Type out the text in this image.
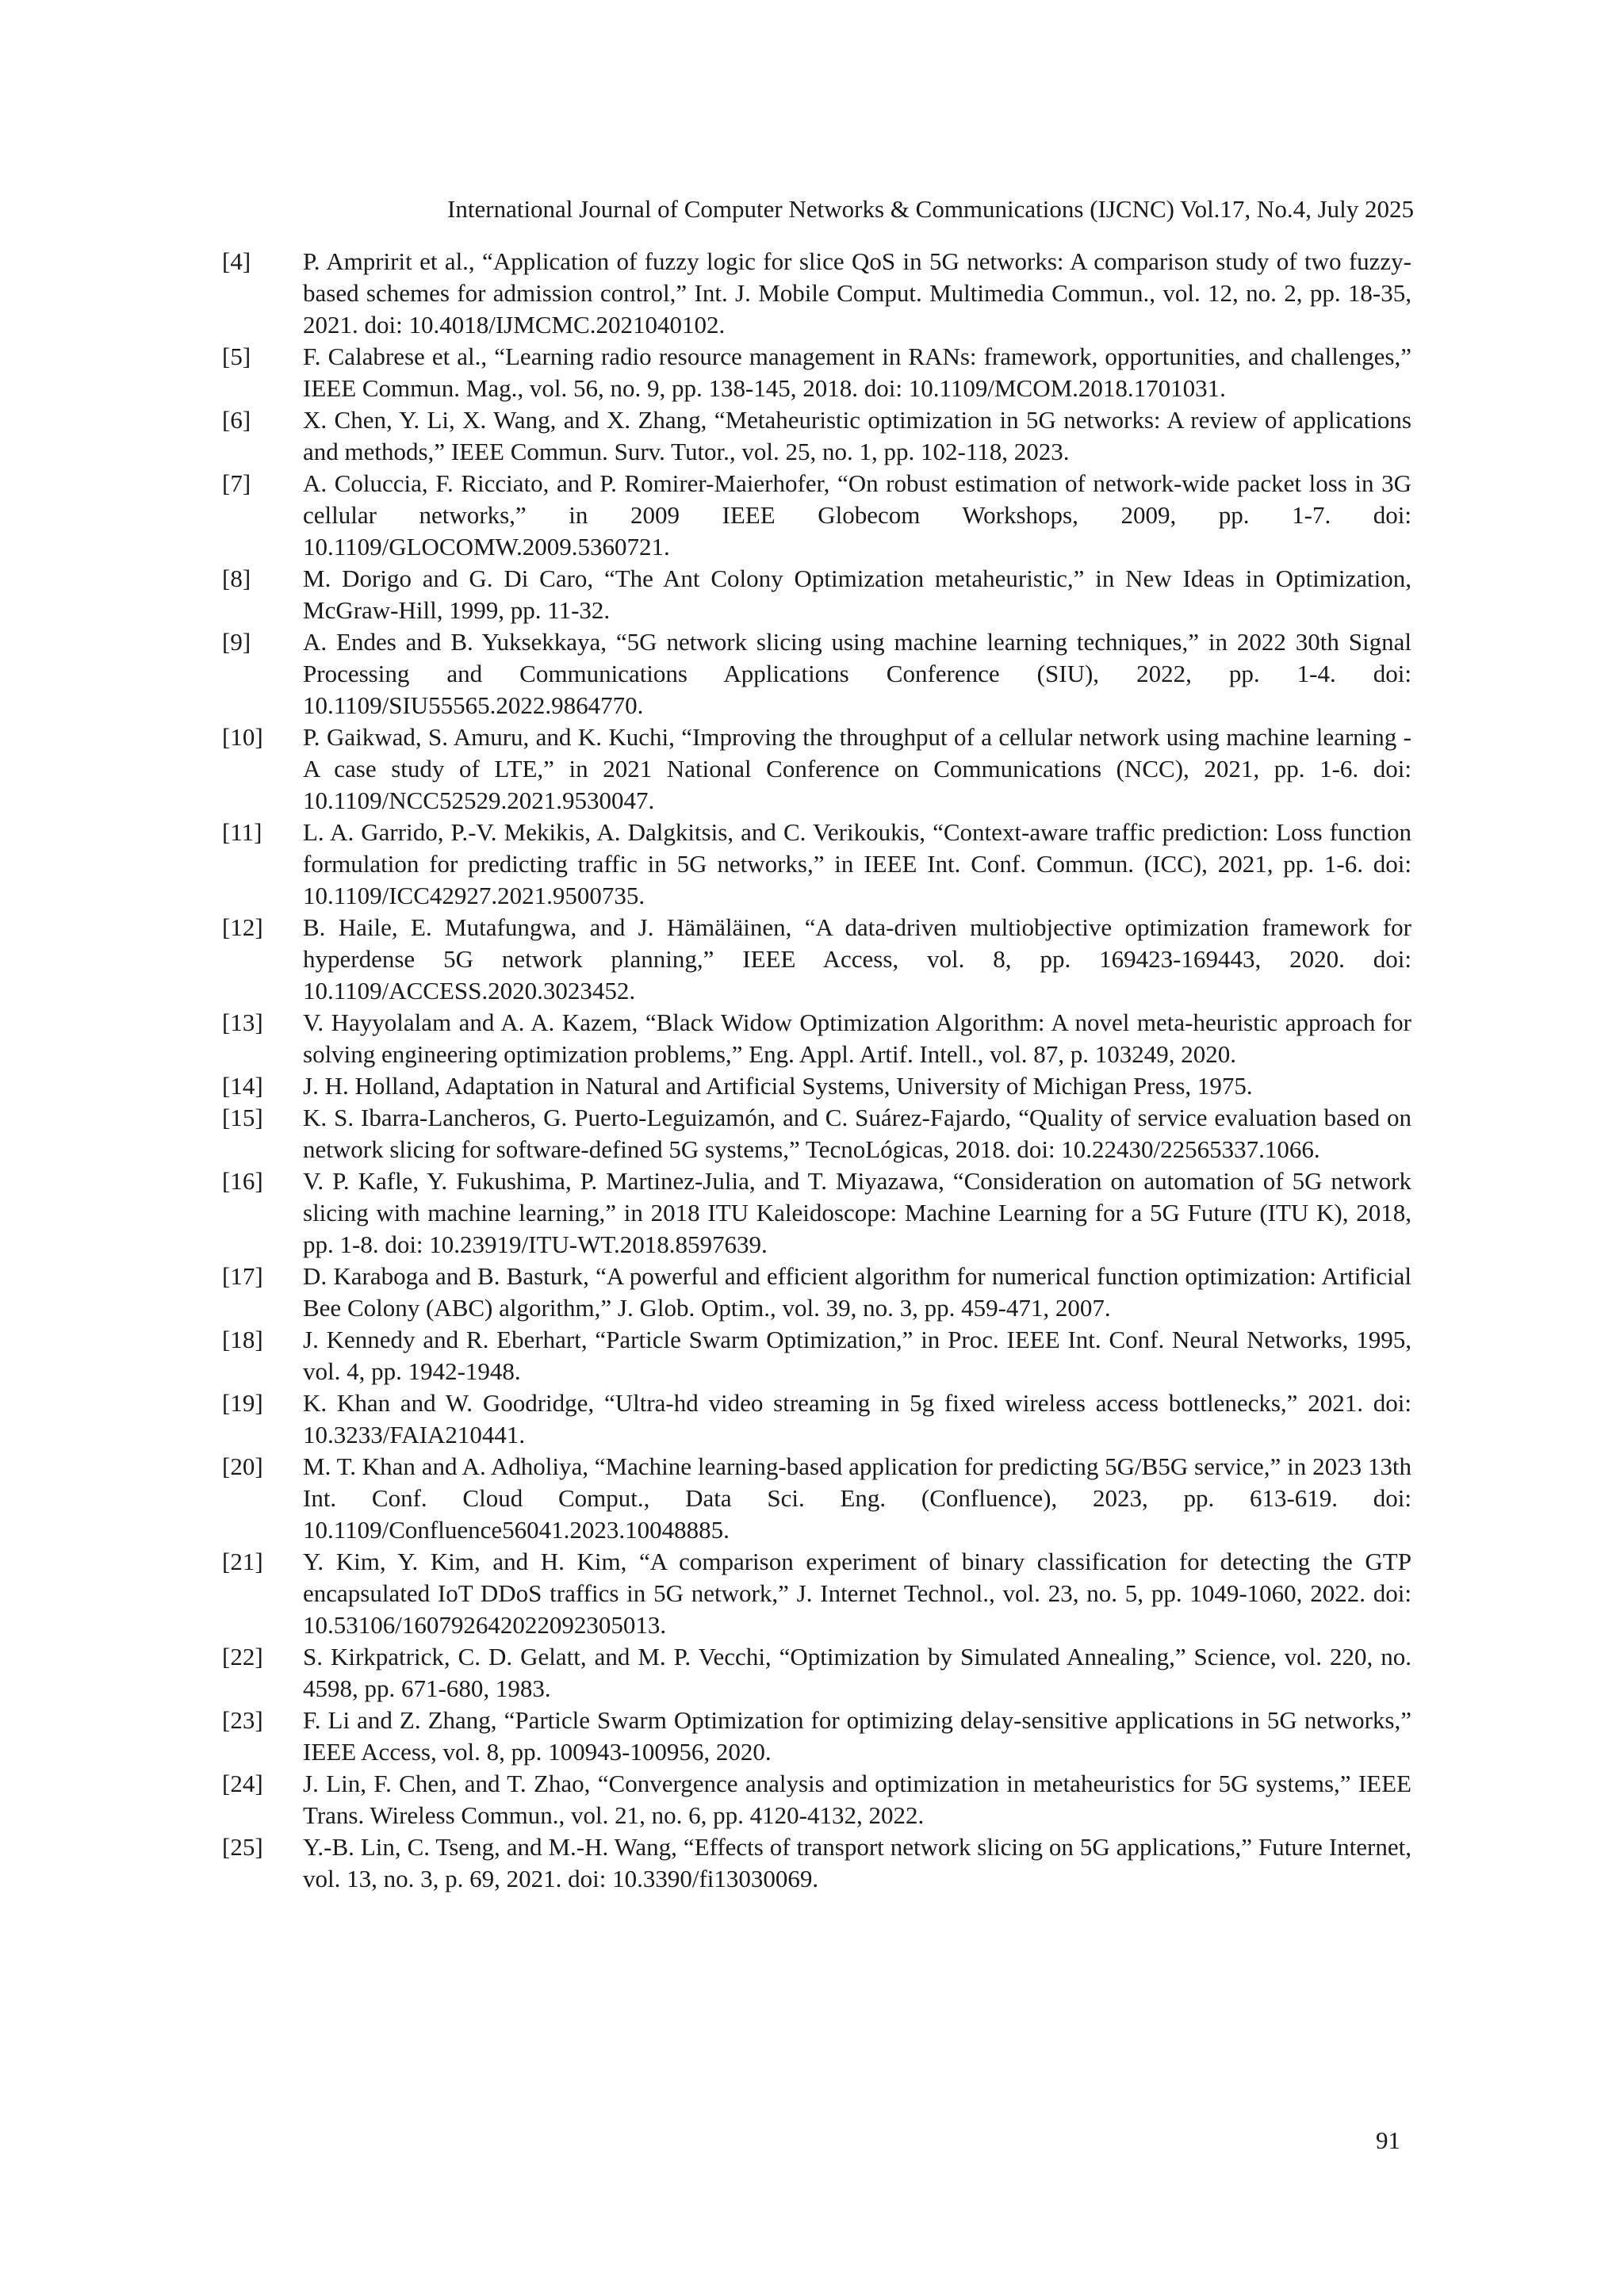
International Journal of Computer Networks & Communications (IJCNC) Vol.17, No.4, July 2025
[4] P. Ampririt et al., “Application of fuzzy logic for slice QoS in 5G networks: A comparison study of two fuzzy-based schemes for admission control,” Int. J. Mobile Comput. Multimedia Commun., vol. 12, no. 2, pp. 18-35, 2021. doi: 10.4018/IJMCMC.2021040102.
[5] F. Calabrese et al., “Learning radio resource management in RANs: framework, opportunities, and challenges,” IEEE Commun. Mag., vol. 56, no. 9, pp. 138-145, 2018. doi: 10.1109/MCOM.2018.1701031.
[6] X. Chen, Y. Li, X. Wang, and X. Zhang, “Metaheuristic optimization in 5G networks: A review of applications and methods,” IEEE Commun. Surv. Tutor., vol. 25, no. 1, pp. 102-118, 2023.
[7] A. Coluccia, F. Ricciato, and P. Romirer-Maierhofer, “On robust estimation of network-wide packet loss in 3G cellular networks,” in 2009 IEEE Globecom Workshops, 2009, pp. 1-7. doi: 10.1109/GLOCOMW.2009.5360721.
[8] M. Dorigo and G. Di Caro, “The Ant Colony Optimization metaheuristic,” in New Ideas in Optimization, McGraw-Hill, 1999, pp. 11-32.
[9] A. Endes and B. Yuksekkaya, “5G network slicing using machine learning techniques,” in 2022 30th Signal Processing and Communications Applications Conference (SIU), 2022, pp. 1-4. doi: 10.1109/SIU55565.2022.9864770.
[10] P. Gaikwad, S. Amuru, and K. Kuchi, “Improving the throughput of a cellular network using machine learning - A case study of LTE,” in 2021 National Conference on Communications (NCC), 2021, pp. 1-6. doi: 10.1109/NCC52529.2021.9530047.
[11] L. A. Garrido, P.-V. Mekikis, A. Dalgkitsis, and C. Verikoukis, “Context-aware traffic prediction: Loss function formulation for predicting traffic in 5G networks,” in IEEE Int. Conf. Commun. (ICC), 2021, pp. 1-6. doi: 10.1109/ICC42927.2021.9500735.
[12] B. Haile, E. Mutafungwa, and J. Hämäläinen, “A data-driven multiobjective optimization framework for hyperdense 5G network planning,” IEEE Access, vol. 8, pp. 169423-169443, 2020. doi: 10.1109/ACCESS.2020.3023452.
[13] V. Hayyolalam and A. A. Kazem, “Black Widow Optimization Algorithm: A novel meta-heuristic approach for solving engineering optimization problems,” Eng. Appl. Artif. Intell., vol. 87, p. 103249, 2020.
[14] J. H. Holland, Adaptation in Natural and Artificial Systems, University of Michigan Press, 1975.
[15] K. S. Ibarra-Lancheros, G. Puerto-Leguizamón, and C. Suárez-Fajardo, “Quality of service evaluation based on network slicing for software-defined 5G systems,” TecnoLógicas, 2018. doi: 10.22430/22565337.1066.
[16] V. P. Kafle, Y. Fukushima, P. Martinez-Julia, and T. Miyazawa, “Consideration on automation of 5G network slicing with machine learning,” in 2018 ITU Kaleidoscope: Machine Learning for a 5G Future (ITU K), 2018, pp. 1-8. doi: 10.23919/ITU-WT.2018.8597639.
[17] D. Karaboga and B. Basturk, “A powerful and efficient algorithm for numerical function optimization: Artificial Bee Colony (ABC) algorithm,” J. Glob. Optim., vol. 39, no. 3, pp. 459-471, 2007.
[18] J. Kennedy and R. Eberhart, “Particle Swarm Optimization,” in Proc. IEEE Int. Conf. Neural Networks, 1995, vol. 4, pp. 1942-1948.
[19] K. Khan and W. Goodridge, “Ultra-hd video streaming in 5g fixed wireless access bottlenecks,” 2021. doi: 10.3233/FAIA210441.
[20] M. T. Khan and A. Adholiya, “Machine learning-based application for predicting 5G/B5G service,” in 2023 13th Int. Conf. Cloud Comput., Data Sci. Eng. (Confluence), 2023, pp. 613-619. doi: 10.1109/Confluence56041.2023.10048885.
[21] Y. Kim, Y. Kim, and H. Kim, “A comparison experiment of binary classification for detecting the GTP encapsulated IoT DDoS traffics in 5G network,” J. Internet Technol., vol. 23, no. 5, pp. 1049-1060, 2022. doi: 10.53106/160792642022092305013.
[22] S. Kirkpatrick, C. D. Gelatt, and M. P. Vecchi, “Optimization by Simulated Annealing,” Science, vol. 220, no. 4598, pp. 671-680, 1983.
[23] F. Li and Z. Zhang, “Particle Swarm Optimization for optimizing delay-sensitive applications in 5G networks,” IEEE Access, vol. 8, pp. 100943-100956, 2020.
[24] J. Lin, F. Chen, and T. Zhao, “Convergence analysis and optimization in metaheuristics for 5G systems,” IEEE Trans. Wireless Commun., vol. 21, no. 6, pp. 4120-4132, 2022.
[25] Y.-B. Lin, C. Tseng, and M.-H. Wang, “Effects of transport network slicing on 5G applications,” Future Internet, vol. 13, no. 3, p. 69, 2021. doi: 10.3390/fi13030069.
91
